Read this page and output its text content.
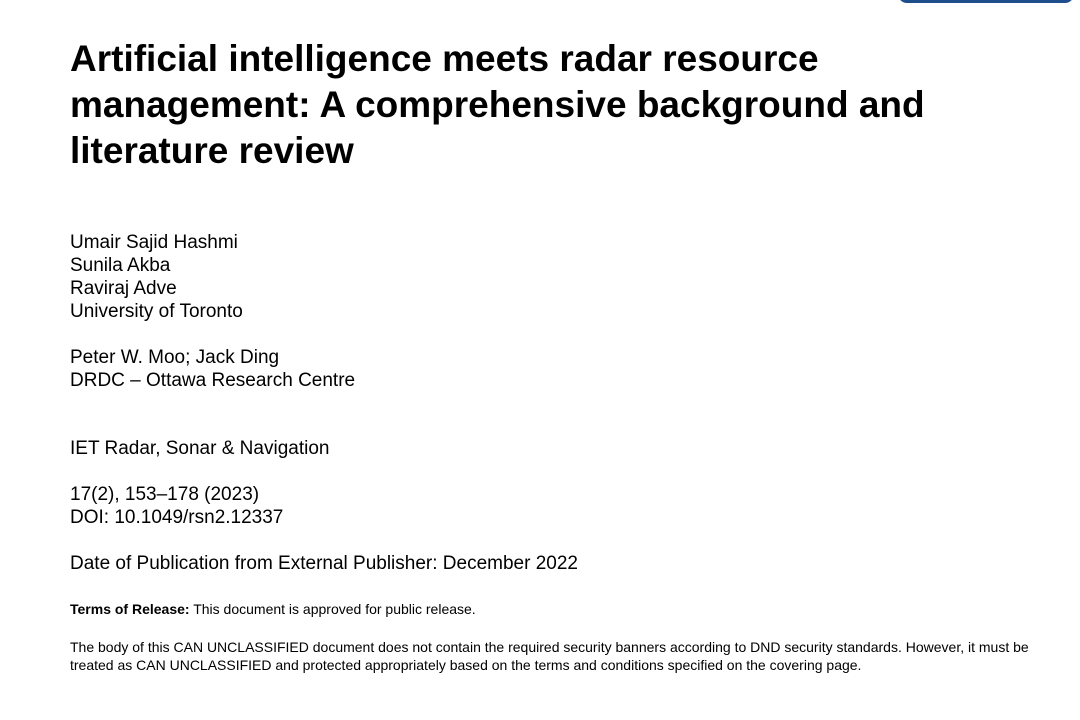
Artificial intelligence meets radar resource management: A comprehensive background and literature review
Umair Sajid Hashmi
Sunila Akba
Raviraj Adve
University of Toronto
Peter W. Moo; Jack Ding
DRDC – Ottawa Research Centre
IET Radar, Sonar & Navigation
17(2), 153–178 (2023)
DOI: 10.1049/rsn2.12337
Date of Publication from External Publisher: December 2022

Terms of Release: This document is approved for public release.

The body of this CAN UNCLASSIFIED document does not contain the required security banners according to DND security standards. However, it must be treated as CAN UNCLASSIFIED and protected appropriately based on the terms and conditions specified on the covering page.
